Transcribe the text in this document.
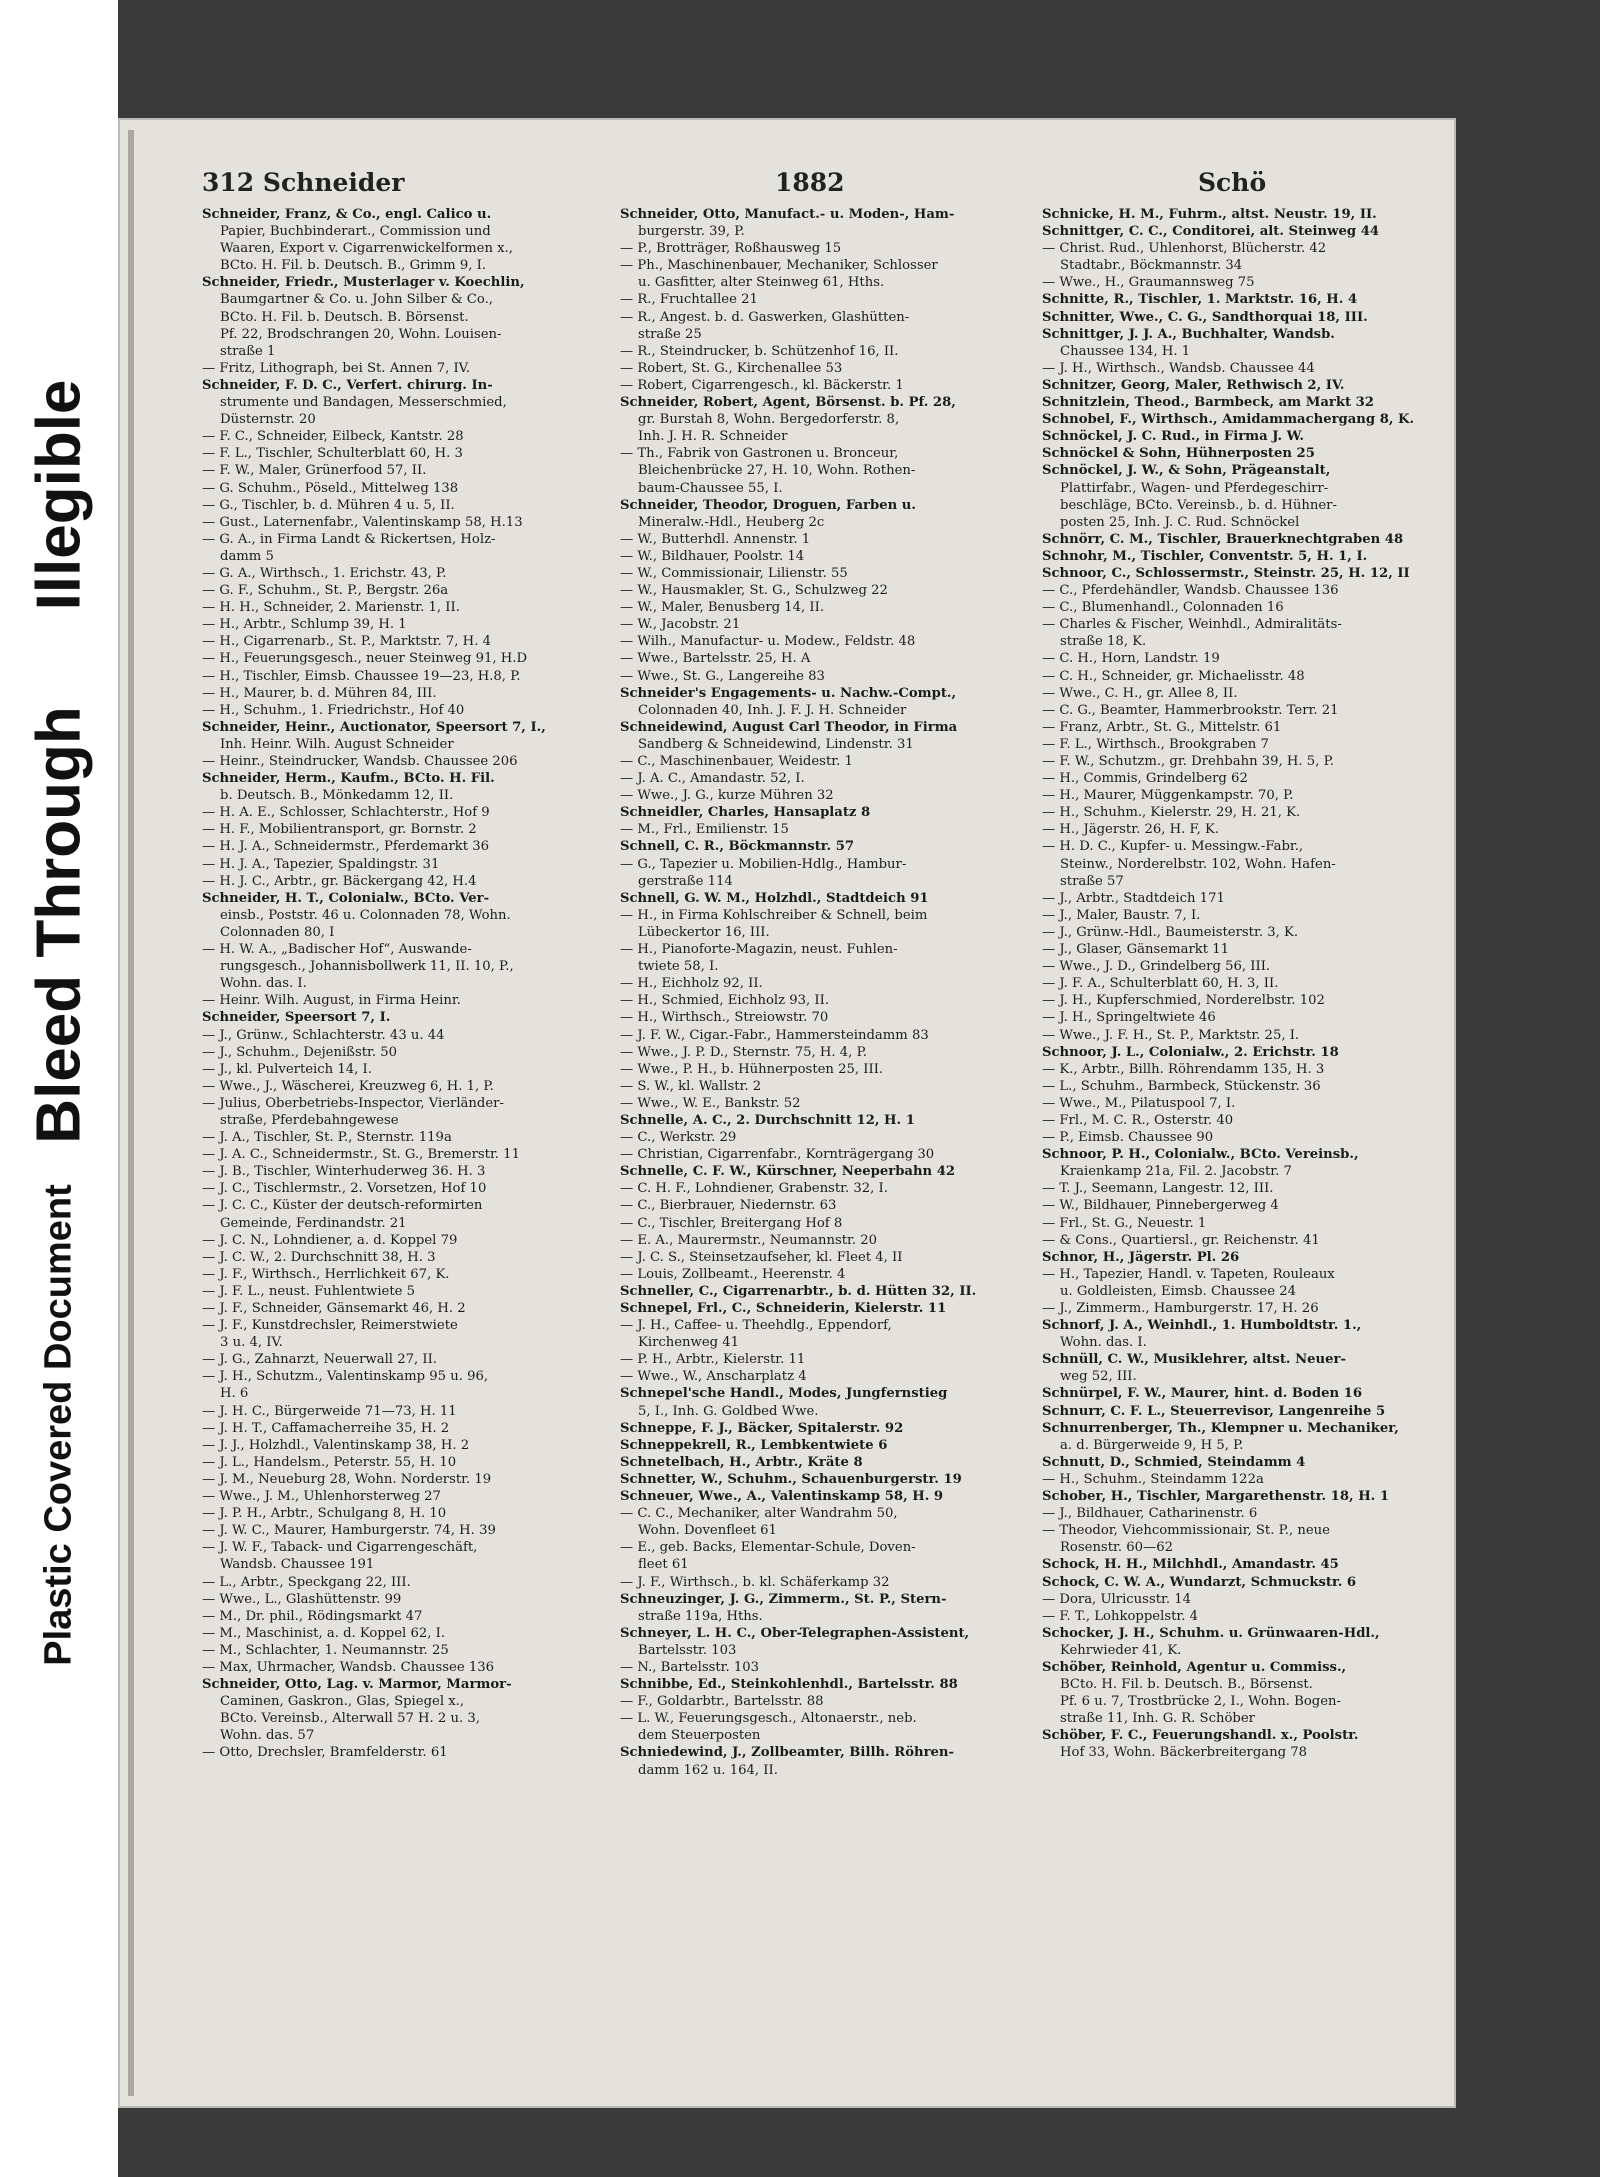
Plastic Covered Document
Bleed Through
Illegible
312 Schneider	1882	Schö
Schneider, Franz, & Co., engl. Calico u.
Papier, Buchbinderart., Commission und
Waaren, Export v. Cigarrenwickelformen x.,
BCto. H. Fil. b. Deutsch. B., Grimm 9, I.
Schneider, Friedr., Musterlager v. Koechlin,
Baumgartner & Co. u. John Silber & Co.,
BCto. H. Fil. b. Deutsch. B. Börsenst.
Pf. 22, Brodschrangen 20, Wohn. Louisen-
straße 1
— Fritz, Lithograph, bei St. Annen 7, IV.
Schneider, F. D. C., Verfert. chirurg. In-
strumente und Bandagen, Messerschmied,
Düsternstr. 20
— F. C., Schneider, Eilbeck, Kantstr. 28
— F. L., Tischler, Schulterblatt 60, H. 3
— F. W., Maler, Grünerfood 57, II.
— G. Schuhm., Pöseld., Mittelweg 138
— G., Tischler, b. d. Mühren 4 u. 5, II.
— Gust., Laternenfabr., Valentinskamp 58, H.13
— G. A., in Firma Landt & Rickertsen, Holz-
damm 5
— G. A., Wirthsch., 1. Erichstr. 43, P.
— G. F., Schuhm., St. P., Bergstr. 26a
— H. H., Schneider, 2. Marienstr. 1, II.
— H., Arbtr., Schlump 39, H. 1
— H., Cigarrenarb., St. P., Marktstr. 7, H. 4
— H., Feuerungsgesch., neuer Steinweg 91, H.D
— H., Tischler, Eimsb. Chaussee 19—23, H.8, P.
— H., Maurer, b. d. Mühren 84, III.
— H., Schuhm., 1. Friedrichstr., Hof 40
Schneider, Heinr., Auctionator, Speersort 7, I.,
Inh. Heinr. Wilh. August Schneider
— Heinr., Steindrucker, Wandsb. Chaussee 206
Schneider, Herm., Kaufm., BCto. H. Fil.
b. Deutsch. B., Mönkedamm 12, II.
— H. A. E., Schlosser, Schlachterstr., Hof 9
— H. F., Mobilientransport, gr. Bornstr. 2
— H. J. A., Schneidermstr., Pferdemarkt 36
— H. J. A., Tapezier, Spaldingstr. 31
— H. J. C., Arbtr., gr. Bäckergang 42, H.4
Schneider, H. T., Colonialw., BCto. Ver-
einsb., Poststr. 46 u. Colonnaden 78, Wohn.
Colonnaden 80, I
— H. W. A., „Badischer Hof“, Auswande-
rungsgesch., Johannisbollwerk 11, II. 10, P.,
Wohn. das. I.
— Heinr. Wilh. August, in Firma Heinr.
Schneider, Speersort 7, I.
— J., Grünw., Schlachterstr. 43 u. 44
— J., Schuhm., Dejenißstr. 50
— J., kl. Pulverteich 14, I.
— Wwe., J., Wäscherei, Kreuzweg 6, H. 1, P.
— Julius, Oberbetriebs-Inspector, Vierländer-
straße, Pferdebahngewese
— J. A., Tischler, St. P., Sternstr. 119a
— J. A. C., Schneidermstr., St. G., Bremerstr. 11
— J. B., Tischler, Winterhuderweg 36. H. 3
— J. C., Tischlermstr., 2. Vorsetzen, Hof 10
— J. C. C., Küster der deutsch-reformirten
Gemeinde, Ferdinandstr. 21
— J. C. N., Lohndiener, a. d. Koppel 79
— J. C. W., 2. Durchschnitt 38, H. 3
— J. F., Wirthsch., Herrlichkeit 67, K.
— J. F. L., neust. Fuhlentwiete 5
— J. F., Schneider, Gänsemarkt 46, H. 2
— J. F., Kunstdrechsler, Reimerstwiete
3 u. 4, IV.
— J. G., Zahnarzt, Neuerwall 27, II.
— J. H., Schutzm., Valentinskamp 95 u. 96,
H. 6
— J. H. C., Bürgerweide 71—73, H. 11
— J. H. T., Caffamacherreihe 35, H. 2
— J. J., Holzhdl., Valentinskamp 38, H. 2
— J. L., Handelsm., Peterstr. 55, H. 10
— J. M., Neueburg 28, Wohn. Norderstr. 19
— Wwe., J. M., Uhlenhorsterweg 27
— J. P. H., Arbtr., Schulgang 8, H. 10
— J. W. C., Maurer, Hamburgerstr. 74, H. 39
— J. W. F., Taback- und Cigarrengeschäft,
Wandsb. Chaussee 191
— L., Arbtr., Speckgang 22, III.
— Wwe., L., Glashüttenstr. 99
— M., Dr. phil., Rödingsmarkt 47
— M., Maschinist, a. d. Koppel 62, I.
— M., Schlachter, 1. Neumannstr. 25
— Max, Uhrmacher, Wandsb. Chaussee 136
Schneider, Otto, Lag. v. Marmor, Marmor-
Caminen, Gaskron., Glas, Spiegel x.,
BCto. Vereinsb., Alterwall 57 H. 2 u. 3,
Wohn. das. 57
— Otto, Drechsler, Bramfelderstr. 61
Schneider, Otto, Manufact.- u. Moden-, Ham-
burgerstr. 39, P.
— P., Brotträger, Roßhausweg 15
— Ph., Maschinenbauer, Mechaniker, Schlosser
u. Gasfitter, alter Steinweg 61, Hths.
— R., Fruchtallee 21
— R., Angest. b. d. Gaswerken, Glashütten-
straße 25
— R., Steindrucker, b. Schützenhof 16, II.
— Robert, St. G., Kirchenallee 53
— Robert, Cigarrengesch., kl. Bäckerstr. 1
Schneider, Robert, Agent, Börsenst. b. Pf. 28,
gr. Burstah 8, Wohn. Bergedorferstr. 8,
Inh. J. H. R. Schneider
— Th., Fabrik von Gastronen u. Bronceur,
Bleichenbrücke 27, H. 10, Wohn. Rothen-
baum-Chaussee 55, I.
Schneider, Theodor, Droguen, Farben u.
Mineralw.-Hdl., Heuberg 2c
— W., Butterhdl. Annenstr. 1
— W., Bildhauer, Poolstr. 14
— W., Commissionair, Lilienstr. 55
— W., Hausmakler, St. G., Schulzweg 22
— W., Maler, Benusberg 14, II.
— W., Jacobstr. 21
— Wilh., Manufactur- u. Modew., Feldstr. 48
— Wwe., Bartelsstr. 25, H. A
— Wwe., St. G., Langereihe 83
Schneider's Engagements- u. Nachw.-Compt.,
Colonnaden 40, Inh. J. F. J. H. Schneider
Schneidewind, August Carl Theodor, in Firma
Sandberg & Schneidewind, Lindenstr. 31
— C., Maschinenbauer, Weidestr. 1
— J. A. C., Amandastr. 52, I.
— Wwe., J. G., kurze Mühren 32
Schneidler, Charles, Hansaplatz 8
— M., Frl., Emilienstr. 15
Schnell, C. R., Böckmannstr. 57
— G., Tapezier u. Mobilien-Hdlg., Hambur-
gerstraße 114
Schnell, G. W. M., Holzhdl., Stadtdeich 91
— H., in Firma Kohlschreiber & Schnell, beim
Lübeckertor 16, III.
— H., Pianoforte-Magazin, neust. Fuhlen-
twiete 58, I.
— H., Eichholz 92, II.
— H., Schmied, Eichholz 93, II.
— H., Wirthsch., Streiowstr. 70
— J. F. W., Cigar.-Fabr., Hammersteindamm 83
— Wwe., J. P. D., Sternstr. 75, H. 4, P.
— Wwe., P. H., b. Hühnerposten 25, III.
— S. W., kl. Wallstr. 2
— Wwe., W. E., Bankstr. 52
Schnelle, A. C., 2. Durchschnitt 12, H. 1
— C., Werkstr. 29
— Christian, Cigarrenfabr., Kornträgergang 30
Schnelle, C. F. W., Kürschner, Neeperbahn 42
— C. H. F., Lohndiener, Grabenstr. 32, I.
— C., Bierbrauer, Niedernstr. 63
— C., Tischler, Breitergang Hof 8
— E. A., Maurermstr., Neumannstr. 20
— J. C. S., Steinsetzaufseher, kl. Fleet 4, II
— Louis, Zollbeamt., Heerenstr. 4
Schneller, C., Cigarrenarbtr., b. d. Hütten 32, II.
Schnepel, Frl., C., Schneiderin, Kielerstr. 11
— J. H., Caffee- u. Theehdlg., Eppendorf,
Kirchenweg 41
— P. H., Arbtr., Kielerstr. 11
— Wwe., W., Anscharplatz 4
Schnepel'sche Handl., Modes, Jungfernstieg
5, I., Inh. G. Goldbed Wwe.
Schneppe, F. J., Bäcker, Spitalerstr. 92
Schneppekrell, R., Lembkentwiete 6
Schnetelbach, H., Arbtr., Kräte 8
Schnetter, W., Schuhm., Schauenburgerstr. 19
Schneuer, Wwe., A., Valentinskamp 58, H. 9
— C. C., Mechaniker, alter Wandrahm 50,
Wohn. Dovenfleet 61
— E., geb. Backs, Elementar-Schule, Doven-
fleet 61
— J. F., Wirthsch., b. kl. Schäferkamp 32
Schneuzinger, J. G., Zimmerm., St. P., Stern-
straße 119a, Hths.
Schneyer, L. H. C., Ober-Telegraphen-Assistent,
Bartelsstr. 103
— N., Bartelsstr. 103
Schnibbe, Ed., Steinkohlenhdl., Bartelsstr. 88
— F., Goldarbtr., Bartelsstr. 88
— L. W., Feuerungsgesch., Altonaerstr., neb.
dem Steuerposten
Schniedewind, J., Zollbeamter, Billh. Röhren-
damm 162 u. 164, II.
Schnicke, H. M., Fuhrm., altst. Neustr. 19, II.
Schnittger, C. C., Conditorei, alt. Steinweg 44
— Christ. Rud., Uhlenhorst, Blücherstr. 42
Stadtabr., Böckmannstr. 34
— Wwe., H., Graumannsweg 75
Schnitte, R., Tischler, 1. Marktstr. 16, H. 4
Schnitter, Wwe., C. G., Sandthorquai 18, III.
Schnittger, J. J. A., Buchhalter, Wandsb.
Chaussee 134, H. 1
— J. H., Wirthsch., Wandsb. Chaussee 44
Schnitzer, Georg, Maler, Rethwisch 2, IV.
Schnitzlein, Theod., Barmbeck, am Markt 32
Schnobel, F., Wirthsch., Amidammachergang 8, K.
Schnöckel, J. C. Rud., in Firma J. W.
Schnöckel & Sohn, Hühnerposten 25
Schnöckel, J. W., & Sohn, Prägeanstalt,
Plattirfabr., Wagen- und Pferdegeschirr-
beschläge, BCto. Vereinsb., b. d. Hühner-
posten 25, Inh. J. C. Rud. Schnöckel
Schnörr, C. M., Tischler, Brauerknechtgraben 48
Schnohr, M., Tischler, Conventstr. 5, H. 1, I.
Schnoor, C., Schlossermstr., Steinstr. 25, H. 12, II
— C., Pferdehändler, Wandsb. Chaussee 136
— C., Blumenhandl., Colonnaden 16
— Charles & Fischer, Weinhdl., Admiralitäts-
straße 18, K.
— C. H., Horn, Landstr. 19
— C. H., Schneider, gr. Michaelisstr. 48
— Wwe., C. H., gr. Allee 8, II.
— C. G., Beamter, Hammerbrookstr. Terr. 21
— Franz, Arbtr., St. G., Mittelstr. 61
— F. L., Wirthsch., Brookgraben 7
— F. W., Schutzm., gr. Drehbahn 39, H. 5, P.
— H., Commis, Grindelberg 62
— H., Maurer, Müggenkampstr. 70, P.
— H., Schuhm., Kielerstr. 29, H. 21, K.
— H., Jägerstr. 26, H. F, K.
— H. D. C., Kupfer- u. Messingw.-Fabr.,
Steinw., Norderelbstr. 102, Wohn. Hafen-
straße 57
— J., Arbtr., Stadtdeich 171
— J., Maler, Baustr. 7, I.
— J., Grünw.-Hdl., Baumeisterstr. 3, K.
— J., Glaser, Gänsemarkt 11
— Wwe., J. D., Grindelberg 56, III.
— J. F. A., Schulterblatt 60, H. 3, II.
— J. H., Kupferschmied, Norderelbstr. 102
— J. H., Springeltwiete 46
— Wwe., J. F. H., St. P., Marktstr. 25, I.
Schnoor, J. L., Colonialw., 2. Erichstr. 18
— K., Arbtr., Billh. Röhrendamm 135, H. 3
— L., Schuhm., Barmbeck, Stückenstr. 36
— Wwe., M., Pilatuspool 7, I.
— Frl., M. C. R., Osterstr. 40
— P., Eimsb. Chaussee 90
Schnoor, P. H., Colonialw., BCto. Vereinsb.,
Kraienkamp 21a, Fil. 2. Jacobstr. 7
— T. J., Seemann, Langestr. 12, III.
— W., Bildhauer, Pinnebergerweg 4
— Frl., St. G., Neuestr. 1
— & Cons., Quartiersl., gr. Reichenstr. 41
Schnor, H., Jägerstr. Pl. 26
— H., Tapezier, Handl. v. Tapeten, Rouleaux
u. Goldleisten, Eimsb. Chaussee 24
— J., Zimmerm., Hamburgerstr. 17, H. 26
Schnorf, J. A., Weinhdl., 1. Humboldtstr. 1.,
Wohn. das. I.
Schnüll, C. W., Musiklehrer, altst. Neuer-
weg 52, III.
Schnürpel, F. W., Maurer, hint. d. Boden 16
Schnurr, C. F. L., Steuerrevisor, Langenreihe 5
Schnurrenberger, Th., Klempner u. Mechaniker,
a. d. Bürgerweide 9, H 5, P.
Schnutt, D., Schmied, Steindamm 4
— H., Schuhm., Steindamm 122a
Schober, H., Tischler, Margarethenstr. 18, H. 1
— J., Bildhauer, Catharinenstr. 6
— Theodor, Viehcommissionair, St. P., neue
Rosenstr. 60—62
Schock, H. H., Milchhdl., Amandastr. 45
Schock, C. W. A., Wundarzt, Schmuckstr. 6
— Dora, Ulricusstr. 14
— F. T., Lohkoppelstr. 4
Schocker, J. H., Schuhm. u. Grünwaaren-Hdl.,
Kehrwieder 41, K.
Schöber, Reinhold, Agentur u. Commiss.,
BCto. H. Fil. b. Deutsch. B., Börsenst.
Pf. 6 u. 7, Trostbrücke 2, I., Wohn. Bogen-
straße 11, Inh. G. R. Schöber
Schöber, F. C., Feuerungshandl. x., Poolstr.
Hof 33, Wohn. Bäckerbreitergang 78
